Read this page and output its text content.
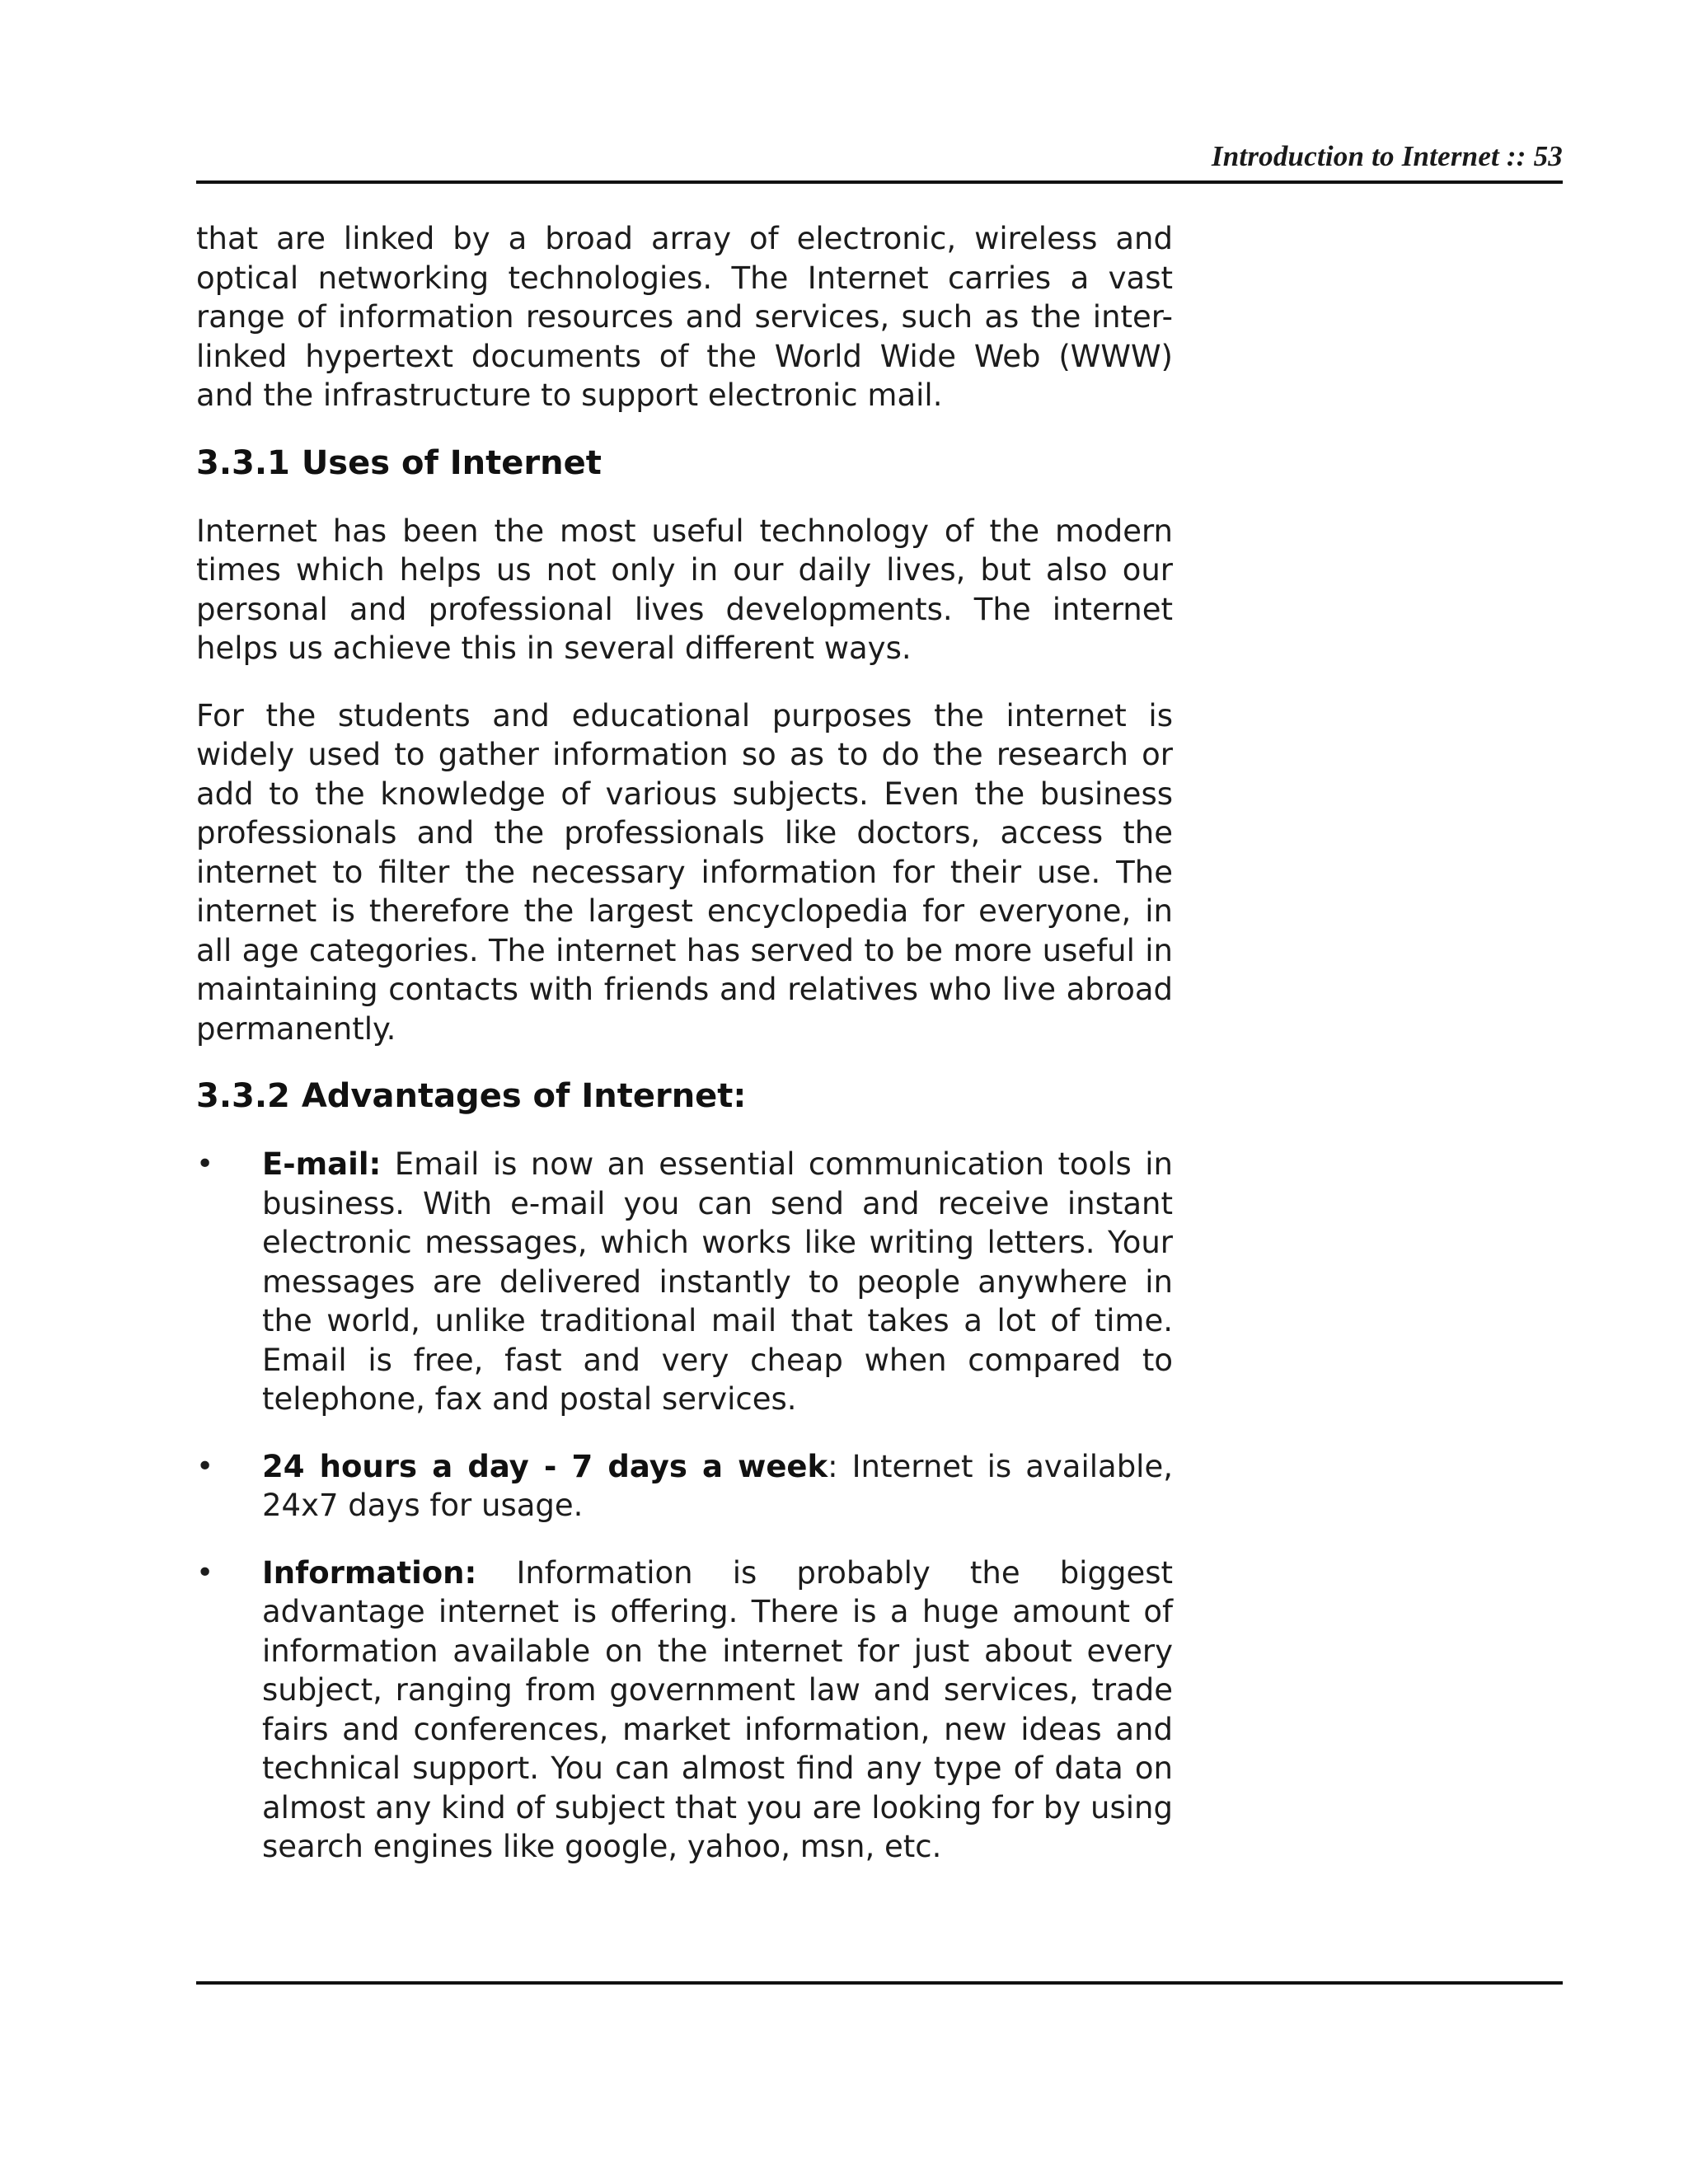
Introduction to Internet :: 53

that are linked by a broad array of electronic, wireless and optical networking technologies. The Internet carries a vast range of information resources and services, such as the inter-linked hypertext documents of the World Wide Web (WWW) and the infrastructure to support electronic mail.

3.3.1 Uses of Internet

Internet has been the most useful technology of the modern times which helps us not only in our daily lives, but also our personal and professional lives developments. The internet helps us achieve this in several different ways.

For the students and educational purposes the internet is widely used to gather information so as to do the research or add to the knowledge of various subjects. Even the business professionals and the professionals like doctors, access the internet to filter the necessary information for their use. The internet is therefore the largest encyclopedia for everyone, in all age categories. The internet has served to be more useful in maintaining contacts with friends and relatives who live abroad permanently.

3.3.2 Advantages of Internet:
• E-mail: Email is now an essential communication tools in business. With e-mail you can send and receive instant electronic messages, which works like writing letters. Your messages are delivered instantly to people anywhere in the world, unlike traditional mail that takes a lot of time. Email is free, fast and very cheap when compared to telephone, fax and postal services.
• 24 hours a day - 7 days a week: Internet is available, 24x7 days for usage.
• Information: Information is probably the biggest advantage internet is offering. There is a huge amount of information available on the internet for just about every subject, ranging from government law and services, trade fairs and conferences, market information, new ideas and technical support. You can almost find any type of data on almost any kind of subject that you are looking for by using search engines like google, yahoo, msn, etc.
